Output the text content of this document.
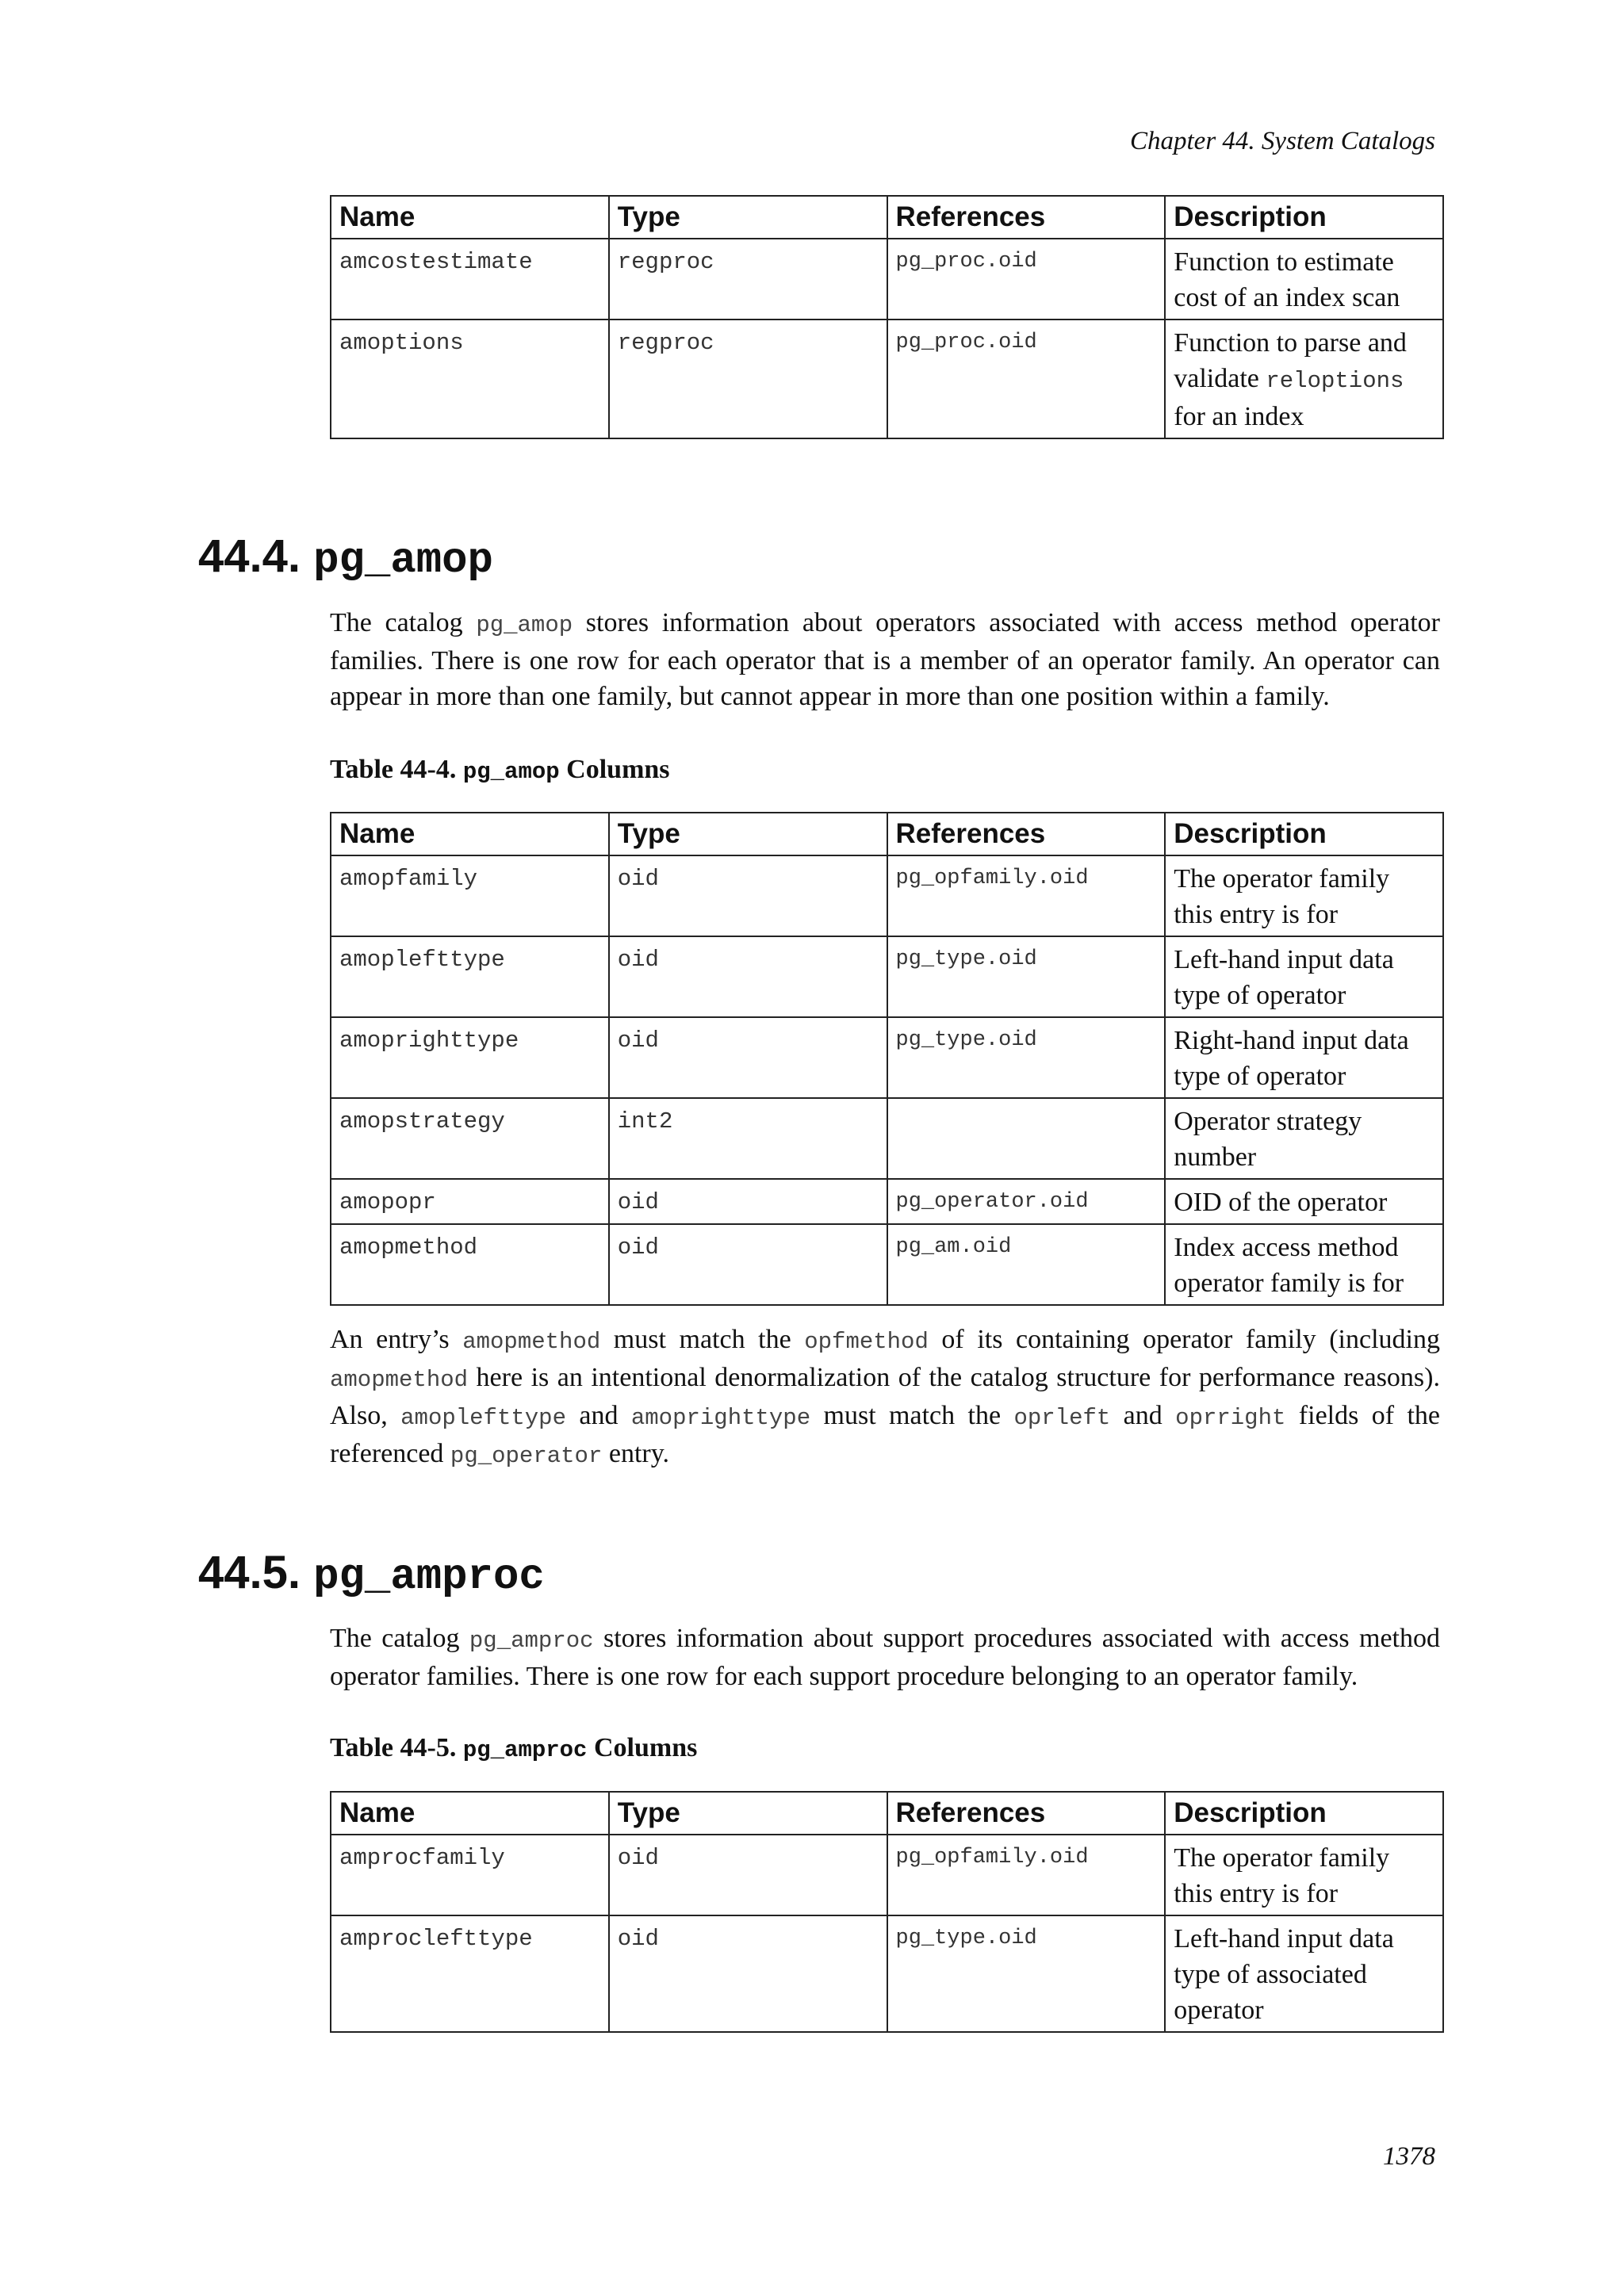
Chapter 44. System Catalogs
Name	Type	References	Description
amcostestimate	regproc	pg_proc.oid	Function to estimate cost of an index scan
amoptions	regproc	pg_proc.oid	Function to parse and validate reloptions for an index
44.4. pg_amop

The catalog pg_amop stores information about operators associated with access method operator families. There is one row for each operator that is a member of an operator family. An operator can appear in more than one family, but cannot appear in more than one position within a family.

Table 44-4. pg_amop Columns

Name	Type	References	Description
amopfamily	oid	pg_opfamily.oid	The operator family this entry is for
amoplefttype	oid	pg_type.oid	Left-hand input data type of operator
amoprighttype	oid	pg_type.oid	Right-hand input data type of operator
amopstrategy	int2		Operator strategy number
amopopr	oid	pg_operator.oid	OID of the operator
amopmethod	oid	pg_am.oid	Index access method operator family is for

An entry’s amopmethod must match the opfmethod of its containing operator family (including amopmethod here is an intentional denormalization of the catalog structure for performance reasons). Also, amoplefttype and amoprighttype must match the oprleft and oprright fields of the referenced pg_operator entry.

44.5. pg_amproc

The catalog pg_amproc stores information about support procedures associated with access method operator families. There is one row for each support procedure belonging to an operator family.

Table 44-5. pg_amproc Columns

Name	Type	References	Description
amprocfamily	oid	pg_opfamily.oid	The operator family this entry is for
amproclefttype	oid	pg_type.oid	Left-hand input data type of associated operator
1378
